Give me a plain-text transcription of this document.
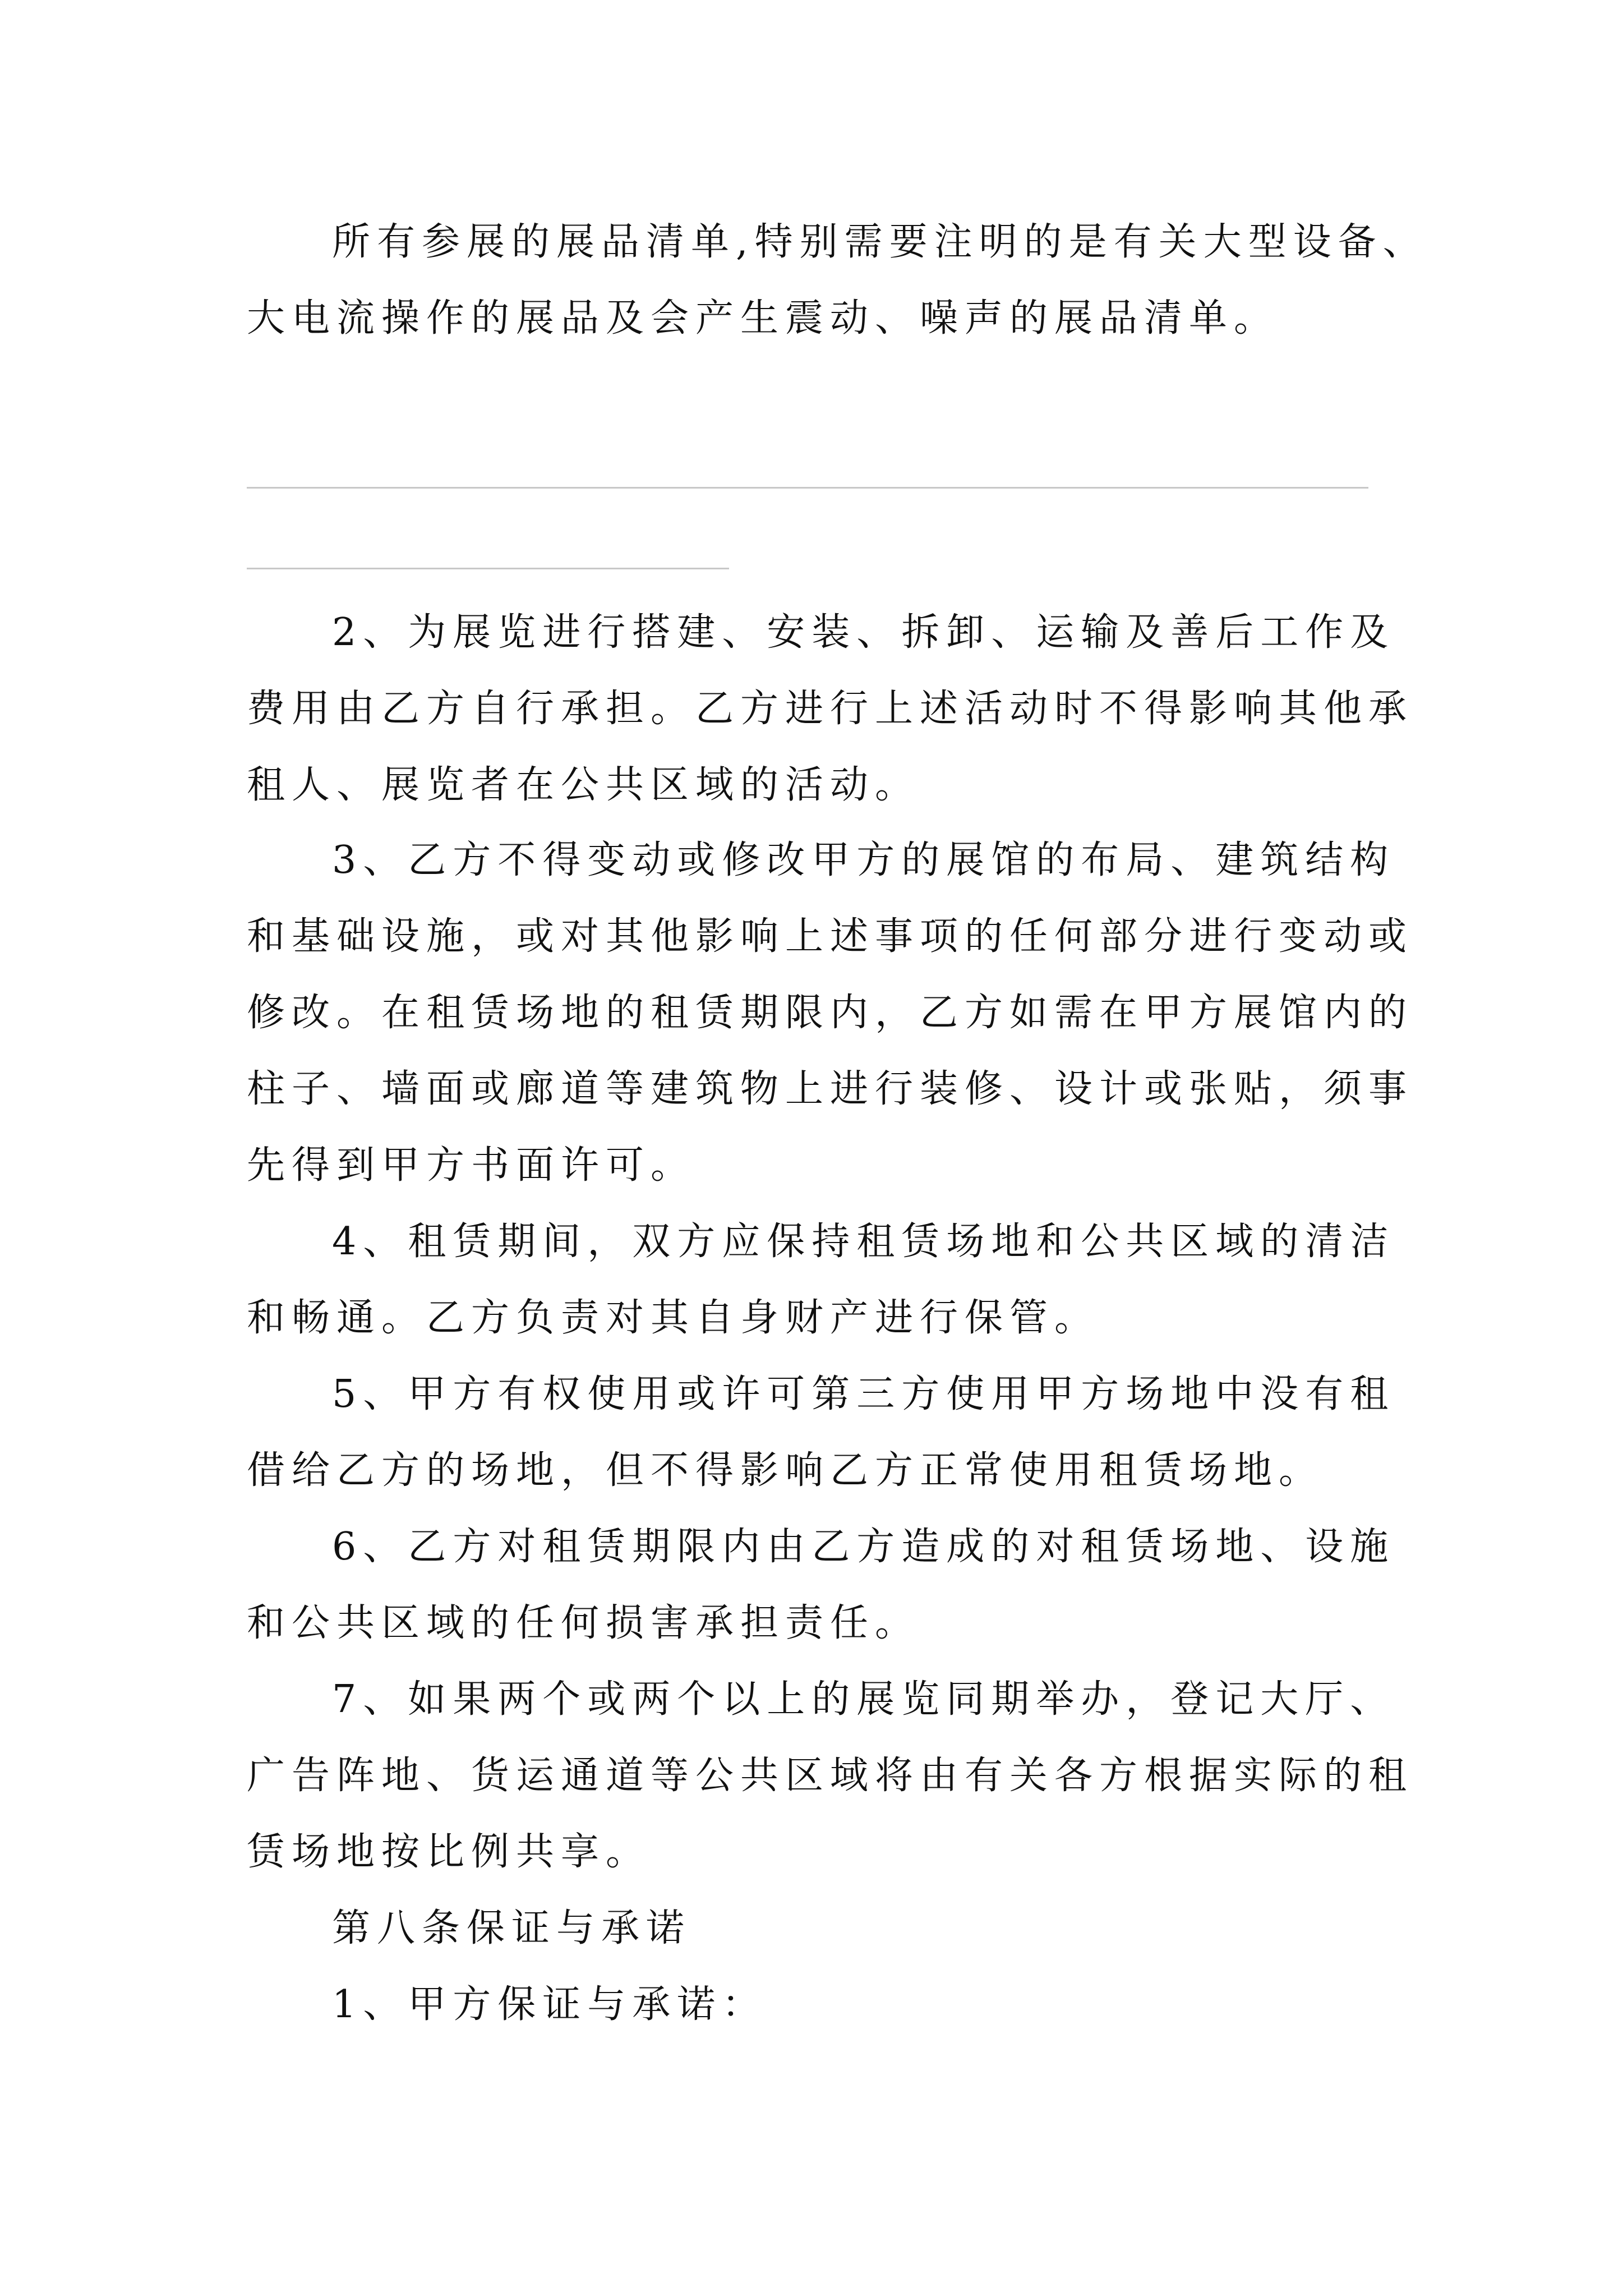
所有参展的展品清单,特别需要注明的是有关大型设备、
大电流操作的展品及会产生震动、噪声的展品清单。
2、为展览进行搭建、安装、拆卸、运输及善后工作及
费用由乙方自行承担。乙方进行上述活动时不得影响其他承
租人、展览者在公共区域的活动。
3、乙方不得变动或修改甲方的展馆的布局、建筑结构
和基础设施，或对其他影响上述事项的任何部分进行变动或
修改。在租赁场地的租赁期限内，乙方如需在甲方展馆内的
柱子、墙面或廊道等建筑物上进行装修、设计或张贴，须事
先得到甲方书面许可。
4、租赁期间，双方应保持租赁场地和公共区域的清洁
和畅通。乙方负责对其自身财产进行保管。
5、甲方有权使用或许可第三方使用甲方场地中没有租
借给乙方的场地，但不得影响乙方正常使用租赁场地。
6、乙方对租赁期限内由乙方造成的对租赁场地、设施
和公共区域的任何损害承担责任。
7、如果两个或两个以上的展览同期举办，登记大厅、
广告阵地、货运通道等公共区域将由有关各方根据实际的租
赁场地按比例共享。
第八条保证与承诺
1、甲方保证与承诺：
